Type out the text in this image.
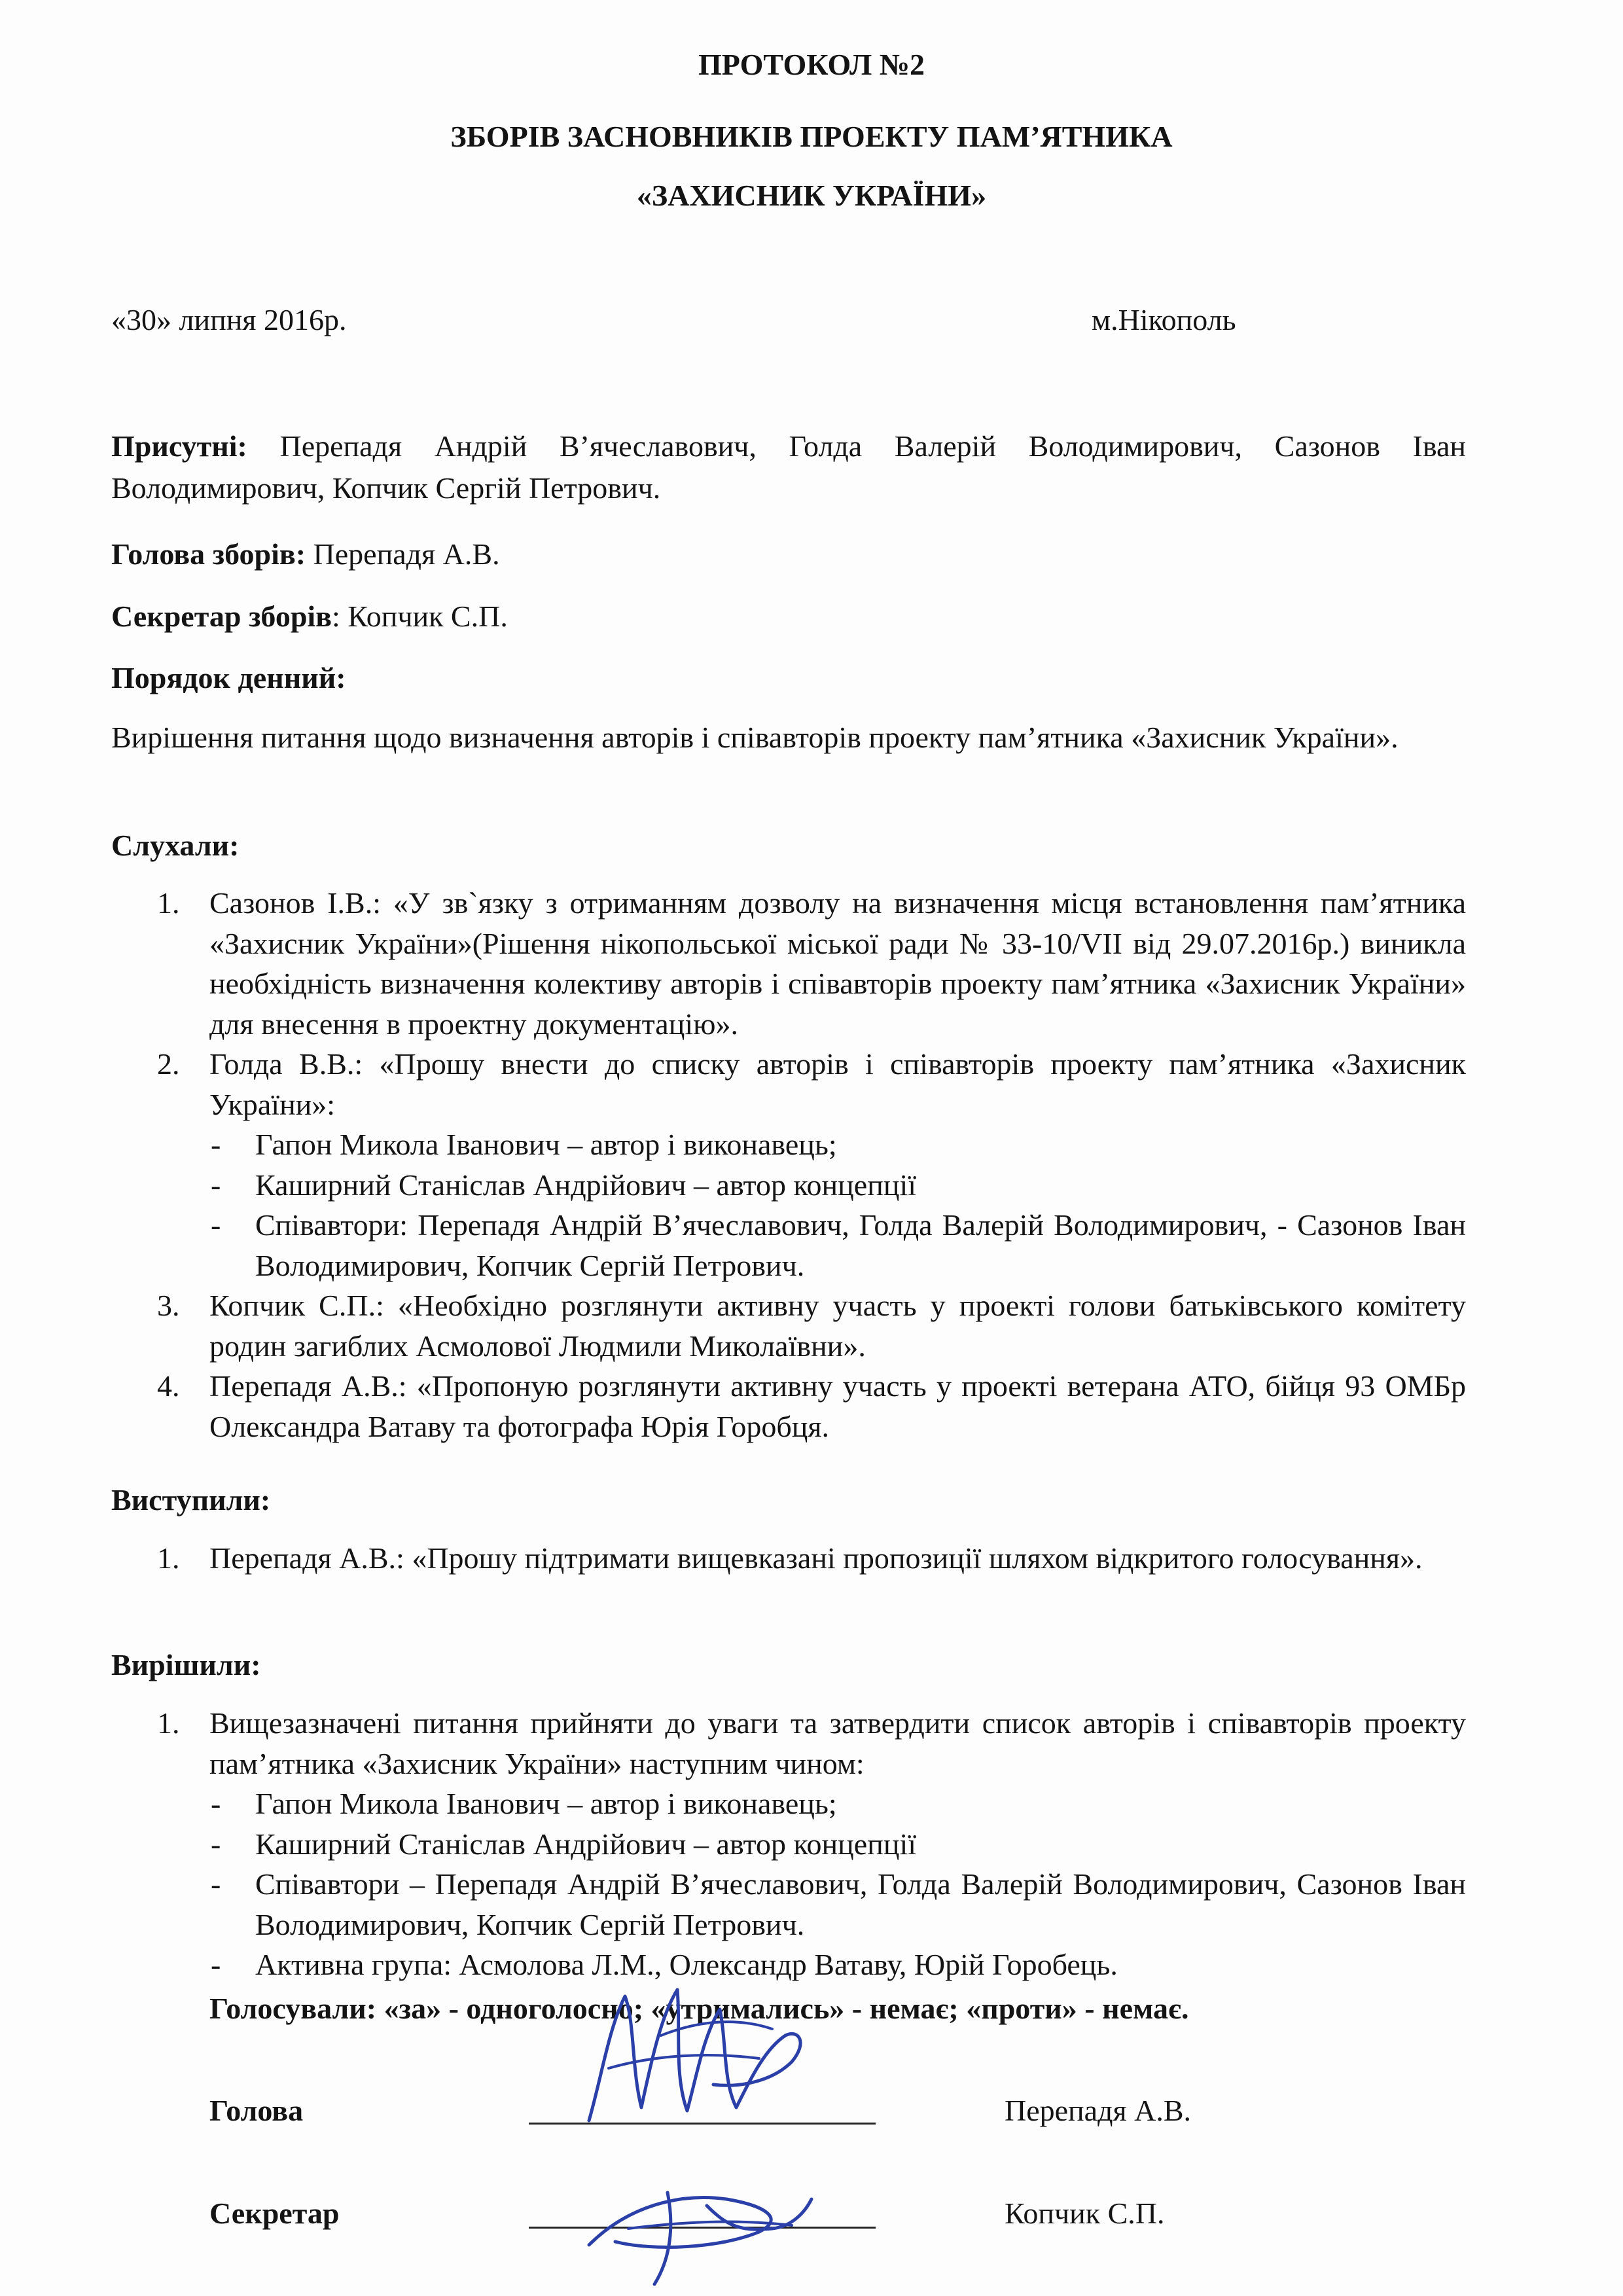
ПРОТОКОЛ №2
ЗБОРІВ ЗАСНОВНИКІВ ПРОЕКТУ ПАМ’ЯТНИКА
«ЗАХИСНИК УКРАЇНИ»
«30» липня 2016р.	м.Нікополь
Присутні: Перепадя Андрій В’ячеславович, Голда Валерій Володимирович, Сазонов Іван Володимирович, Копчик Сергій Петрович.
Голова зборів: Перепадя А.В.
Секретар зборів: Копчик С.П.
Порядок денний:
Вирішення питання щодо визначення авторів і співавторів проекту пам’ятника «Захисник України».
Слухали:
1. Сазонов І.В.: «У зв`язку з отриманням дозволу на визначення місця встановлення пам’ятника «Захисник України»(Рішення нікопольської міської ради № 33-10/VII від 29.07.2016р.) виникла необхідність визначення колективу авторів і співавторів проекту пам’ятника «Захисник України» для внесення в проектну документацію».
2. Голда В.В.: «Прошу внести до списку авторів і співавторів проекту пам’ятника «Захисник України»:
- Гапон Микола Іванович – автор і виконавець;
- Каширний Станіслав Андрійович – автор концепції
- Співавтори: Перепадя Андрій В’ячеславович, Голда Валерій Володимирович, - Сазонов Іван Володимирович, Копчик Сергій Петрович.
3. Копчик С.П.: «Необхідно розглянути активну участь у проекті голови батьківського комітету родин загиблих Асмолової Людмили Миколаївни».
4. Перепадя А.В.: «Пропоную розглянути активну участь у проекті ветерана АТО, бійця 93 ОМБр Олександра Ватаву та фотографа Юрія Горобця.
Виступили:
1. Перепадя А.В.: «Прошу підтримати вищевказані пропозиції шляхом відкритого голосування».
Вирішили:
1. Вищезазначені питання прийняти до уваги та затвердити список авторів і співавторів проекту пам’ятника «Захисник України» наступним чином:
- Гапон Микола Іванович – автор і виконавець;
- Каширний Станіслав Андрійович – автор концепції
- Співавтори – Перепадя Андрій В’ячеславович, Голда Валерій Володимирович, Сазонов Іван Володимирович, Копчик Сергій Петрович.
- Активна група: Асмолова Л.М., Олександр Ватаву, Юрій Горобець.
Голосували: «за» - одноголосно; «утримались» - немає; «проти» - немає.
Голова	Перепадя А.В.
Секретар	Копчик С.П.
